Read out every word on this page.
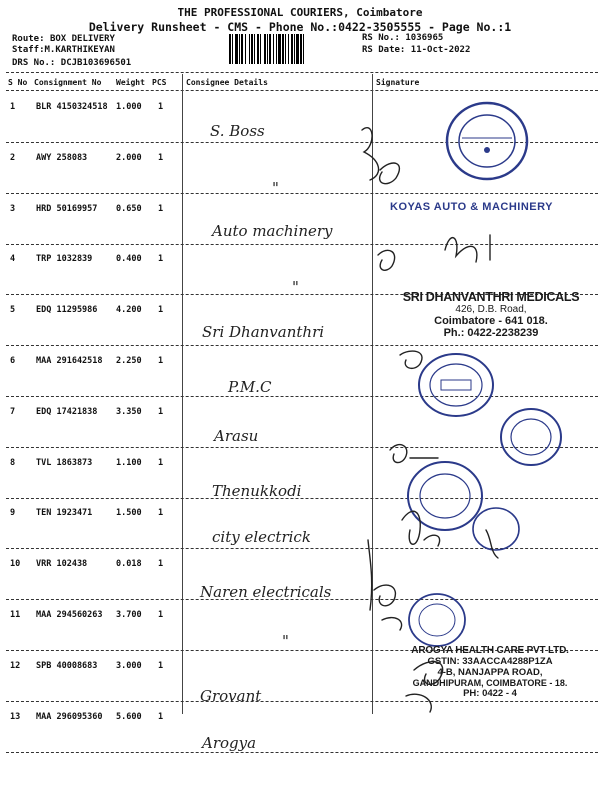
THE PROFESSIONAL COURIERS, Coimbatore
Delivery Runsheet - CMS - Phone No.:0422-3505555 - Page No.:1
Route: BOX DELIVERY
Staff:M.KARTHIKEYAN
DRS No.: DCJB103696501
RS No.: 1036965
RS Date: 11-Oct-2022
S No Consignment No Weight PCS Consignee Details	Signature
1 BLR 4150324518 1.000 1
S. Boss
2 AWY 258083	2.000 1
"
3 HRD 50169957 0.650 1
Auto machinery
4 TRP 1032839	0.400 1
"
5 EDQ 11295986 4.200 1
Sri Dhanvanthri
6 MAA 291642518 2.250 1
P.M.C
7 EDQ 17421838 3.350 1
Arasu
8 TVL 1863873	1.100 1
Thenukkodi
9 TEN 1923471	1.500 1
city electrick
10 VRR 102438	0.018 1
Naren electricals
11 MAA 294560263 3.700 1
"
12 SPB 40008683 3.000 1
Grovant
13 MAA 296095360 5.600 1
Arogya
KOYAS AUTO & MACHINERY
SRI DHANVANTHRI MEDICALS
426, D.B. Road,
Coimbatore - 641 018.
Ph.: 0422-2238239
AROGYA HEALTH CARE PVT LTD.
GSTIN: 33AACCA4288P1ZA
4-B, NANJAPPA ROAD,
GANDHIPURAM, COIMBATORE - 18.
PH: 0422 - 4
